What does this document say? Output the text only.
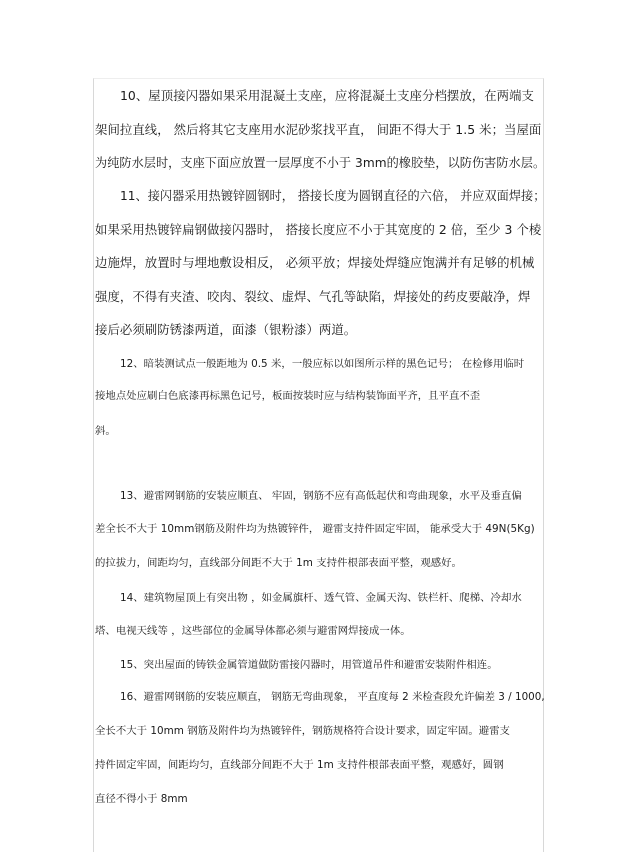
10、屋顶接闪器如果采用混凝土支座，应将混凝土支座分档摆放，在两端支
架间拉直线， 然后将其它支座用水泥砂浆找平直， 间距不得大于 1.5 米；当屋面
为纯防水层时，支座下面应放置一层厚度不小于 3mm的橡胶垫，以防伤害防水层。
11、接闪器采用热镀锌圆钢时， 搭接长度为圆钢直径的六倍， 并应双面焊接；
如果采用热镀锌扁钢做接闪器时， 搭接长度应不小于其宽度的 2 倍，至少 3 个棱
边施焊，放置时与埋地敷设相反， 必须平放；焊接处焊缝应饱满并有足够的机械
强度，不得有夹渣、咬肉、裂纹、虚焊、气孔等缺陷，焊接处的药皮要敲净，焊
接后必须刷防锈漆两道，面漆（银粉漆）两道。
12、暗装测试点一般距地为 0.5 米，一般应标以如图所示样的黑色记号； 在检修用临时
接地点处应刷白色底漆再标黑色记号，板面按装时应与结构装饰面平齐，且平直不歪
斜。
13、避雷网钢筋的安装应顺直、 牢固，钢筋不应有高低起伏和弯曲现象，水平及垂直偏
差全长不大于 10mm钢筋及附件均为热镀锌件， 避雷支持件固定牢固， 能承受大于 49N(5Kg)
的拉拔力，间距均匀，直线部分间距不大于 1m 支持件根部表面平整，观感好。
14、建筑物屋顶上有突出物 ，如金属旗杆、透气管、金属天沟、铁栏杆、爬梯、冷却水
塔、电视天线等 ，这些部位的金属导体都必须与避雷网焊接成一体。
15、突出屋面的铸铁金属管道做防雷接闪器时，用管道吊件和避雷安装附件相连。
16、避雷网钢筋的安装应顺直， 钢筋无弯曲现象， 平直度每 2 米检查段允许偏差 3 / 1000,
全长不大于 10mm 钢筋及附件均为热镀锌件，钢筋规格符合设计要求，固定牢固。避雷支
持件固定牢固，间距均匀，直线部分间距不大于 1m 支持件根部表面平整，观感好，圆钢
直径不得小于 8mm
